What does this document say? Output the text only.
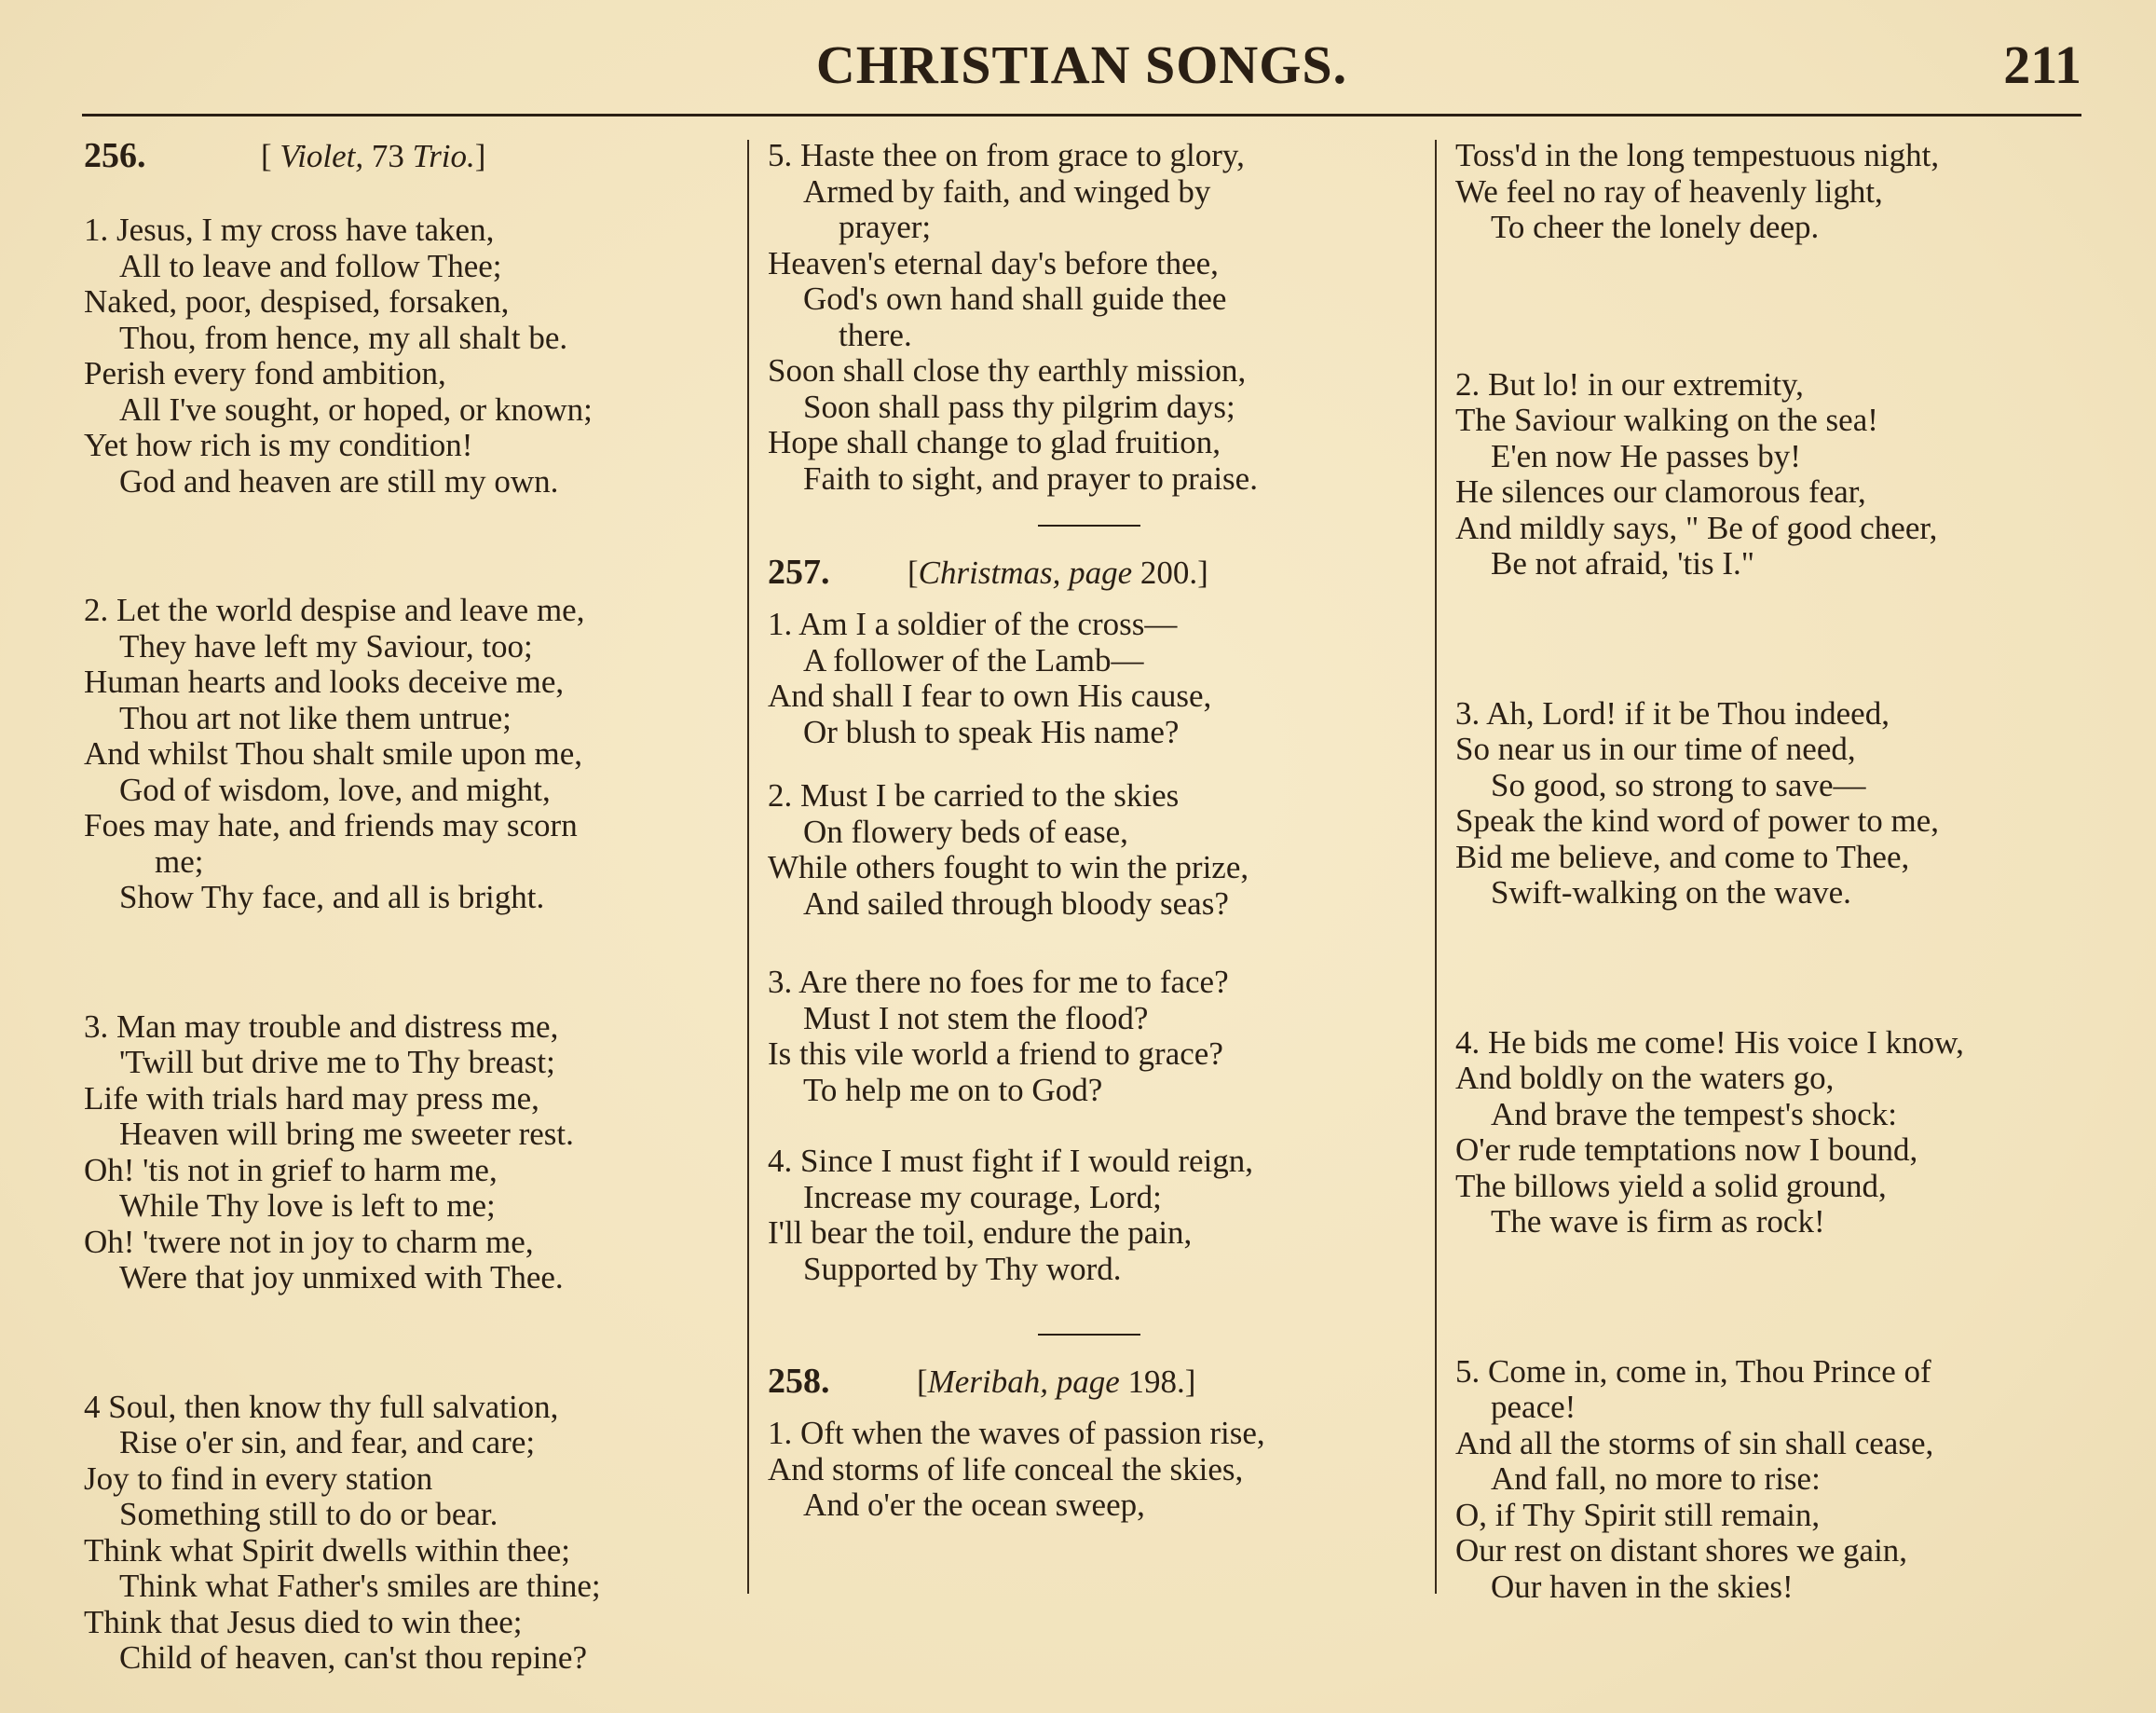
CHRISTIAN SONGS.	211
256.	[ Violet, 73 Trio.]
1. Jesus, I my cross have taken,
All to leave and follow Thee;
Naked, poor, despised, forsaken,
Thou, from hence, my all shalt be.
Perish every fond ambition,
All I've sought, or hoped, or known;
Yet how rich is my condition!
God and heaven are still my own.
2. Let the world despise and leave me,
They have left my Saviour, too;
Human hearts and looks deceive me,
Thou art not like them untrue;
And whilst Thou shalt smile upon me,
God of wisdom, love, and might,
Foes may hate, and friends may scorn
me;
Show Thy face, and all is bright.
3. Man may trouble and distress me,
'Twill but drive me to Thy breast;
Life with trials hard may press me,
Heaven will bring me sweeter rest.
Oh! 'tis not in grief to harm me,
While Thy love is left to me;
Oh! 'twere not in joy to charm me,
Were that joy unmixed with Thee.
4 Soul, then know thy full salvation,
Rise o'er sin, and fear, and care;
Joy to find in every station
Something still to do or bear.
Think what Spirit dwells within thee;
Think what Father's smiles are thine;
Think that Jesus died to win thee;
Child of heaven, can'st thou repine?
5. Haste thee on from grace to glory,
Armed by faith, and winged by
prayer;
Heaven's eternal day's before thee,
God's own hand shall guide thee
there.
Soon shall close thy earthly mission,
Soon shall pass thy pilgrim days;
Hope shall change to glad fruition,
Faith to sight, and prayer to praise.
257.	[Christmas, page 200.]
1. Am I a soldier of the cross—
A follower of the Lamb—
And shall I fear to own His cause,
Or blush to speak His name?
2. Must I be carried to the skies
On flowery beds of ease,
While others fought to win the prize,
And sailed through bloody seas?
3. Are there no foes for me to face?
Must I not stem the flood?
Is this vile world a friend to grace?
To help me on to God?
4. Since I must fight if I would reign,
Increase my courage, Lord;
I'll bear the toil, endure the pain,
Supported by Thy word.
258.	[Meribah, page 198.]
1. Oft when the waves of passion rise,
And storms of life conceal the skies,
And o'er the ocean sweep,
Toss'd in the long tempestuous night,
We feel no ray of heavenly light,
To cheer the lonely deep.
2. But lo! in our extremity,
The Saviour walking on the sea!
E'en now He passes by!
He silences our clamorous fear,
And mildly says, " Be of good cheer,
Be not afraid, 'tis I."
3. Ah, Lord! if it be Thou indeed,
So near us in our time of need,
So good, so strong to save—
Speak the kind word of power to me,
Bid me believe, and come to Thee,
Swift-walking on the wave.
4. He bids me come! His voice I know,
And boldly on the waters go,
And brave the tempest's shock:
O'er rude temptations now I bound,
The billows yield a solid ground,
The wave is firm as rock!
5. Come in, come in, Thou Prince of
peace!
And all the storms of sin shall cease,
And fall, no more to rise:
O, if Thy Spirit still remain,
Our rest on distant shores we gain,
Our haven in the skies!
